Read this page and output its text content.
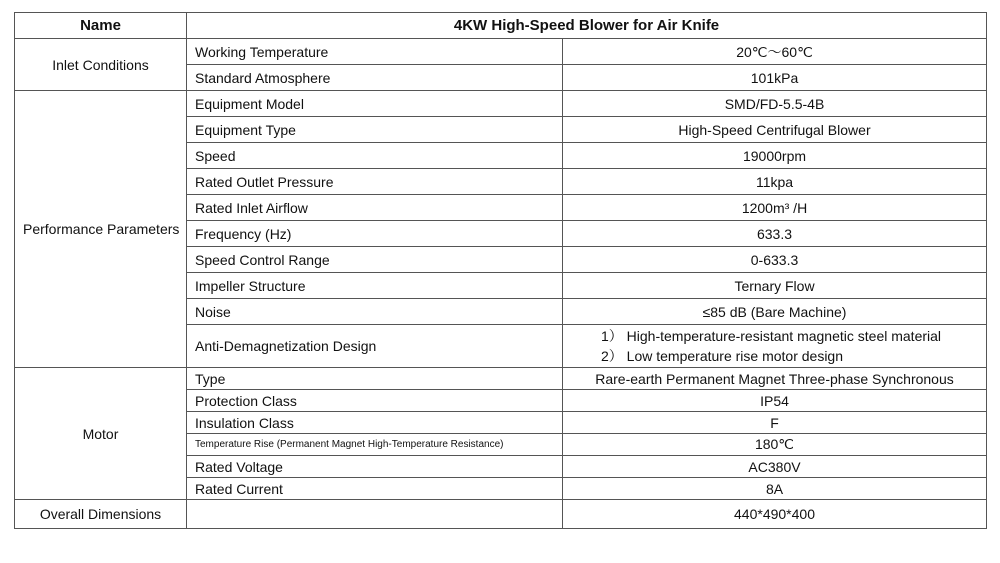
Name	4KW High-Speed Blower for Air Knife	
Inlet Conditions	Working Temperature	20℃～60℃
	Standard Atmosphere	101kPa
Performance Parameters	Equipment Model	SMD/FD-5.5-4B
	Equipment Type	High-Speed Centrifugal Blower
	Speed	19000rpm
	Rated Outlet Pressure	11kpa
	Rated Inlet Airflow	1200m³ /H
	Frequency (Hz)	633.3
	Speed Control Range	0-633.3
	Impeller Structure	Ternary Flow
	Noise	≤85 dB (Bare Machine)
	Anti-Demagnetization Design	1） High-temperature-resistant magnetic steel material
2） Low temperature rise motor design

Motor	Type	Rare-earth Permanent Magnet Three-phase Synchronous
	Protection Class	IP54
	Insulation Class	F
	Temperature Rise (Permanent Magnet High-Temperature Resistance)	180℃
	Rated Voltage	AC380V
	Rated Current	8A
Overall Dimensions		440*490*400
